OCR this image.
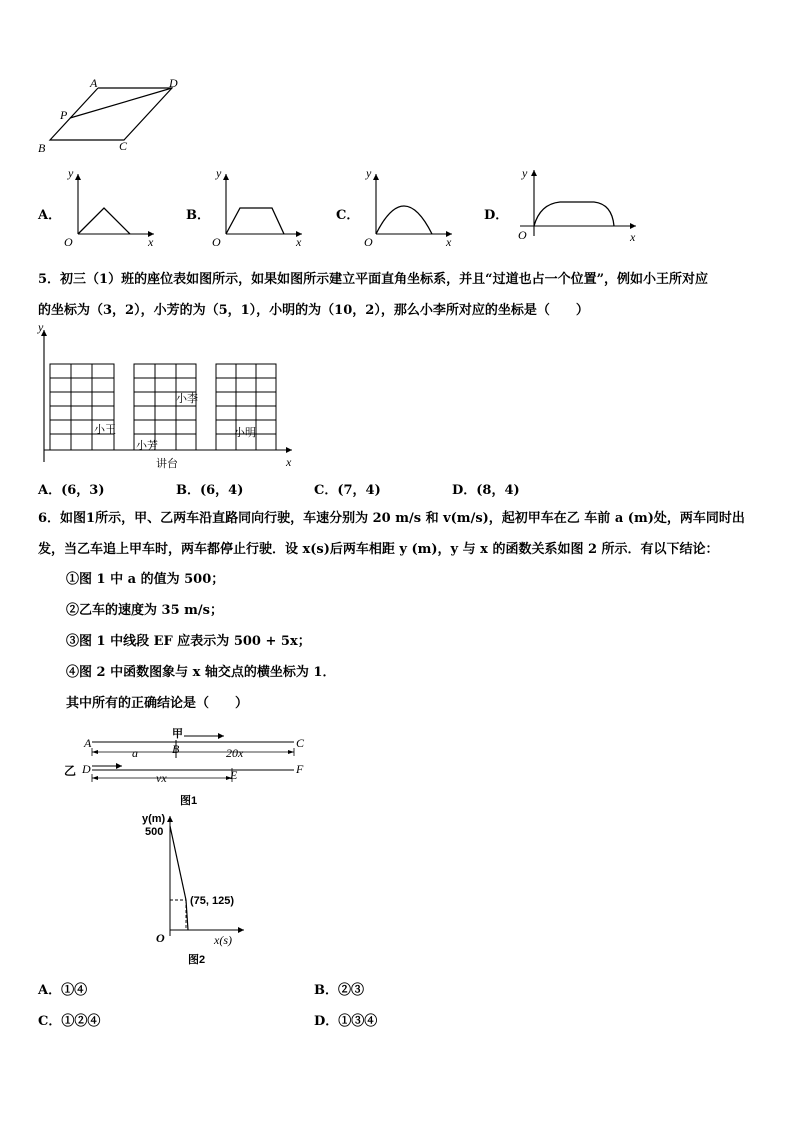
A	D
P
B	C
A．
y
O	x
B．
y
O	x
C．
y
O	x
D．
y
O	x
5．初三（1）班的座位表如图所示，如果如图所示建立平面直角坐标系，并且“过道也占一个位置”，例如小王所对应
的坐标为（3，2），小芳的为（5，1），小明的为（10，2），那么小李所对应的坐标是（　　）
y
x
小王
小芳
小李
小明
讲台
A．(6，3)	B．(6，4)	C．(7，4)	D．(8，4)
6．如图1所示，甲、乙两车沿直路同向行驶，车速分别为 20 m/s 和 v(m/s)，起初甲车在乙 车前 a (m)处，两车同时出
发，当乙车追上甲车时，两车都停止行驶．设 x(s)后两车相距 y (m)，y 与 x 的函数关系如图 2 所示．有以下结论：
①图 1 中 a 的值为 500；
②乙车的速度为 35 m/s；
③图 1 中线段 EF 应表示为 500 + 5x；
④图 2 中函数图象与 x 轴交点的横坐标为 1．
其中所有的正确结论是（　　）
甲
A	B	C
a	20x
乙 D	E	F
vx
图1
y(m)
500
(75, 125)
O	x(s)
图2
A．①④	B．②③
C．①②④	D．①③④
